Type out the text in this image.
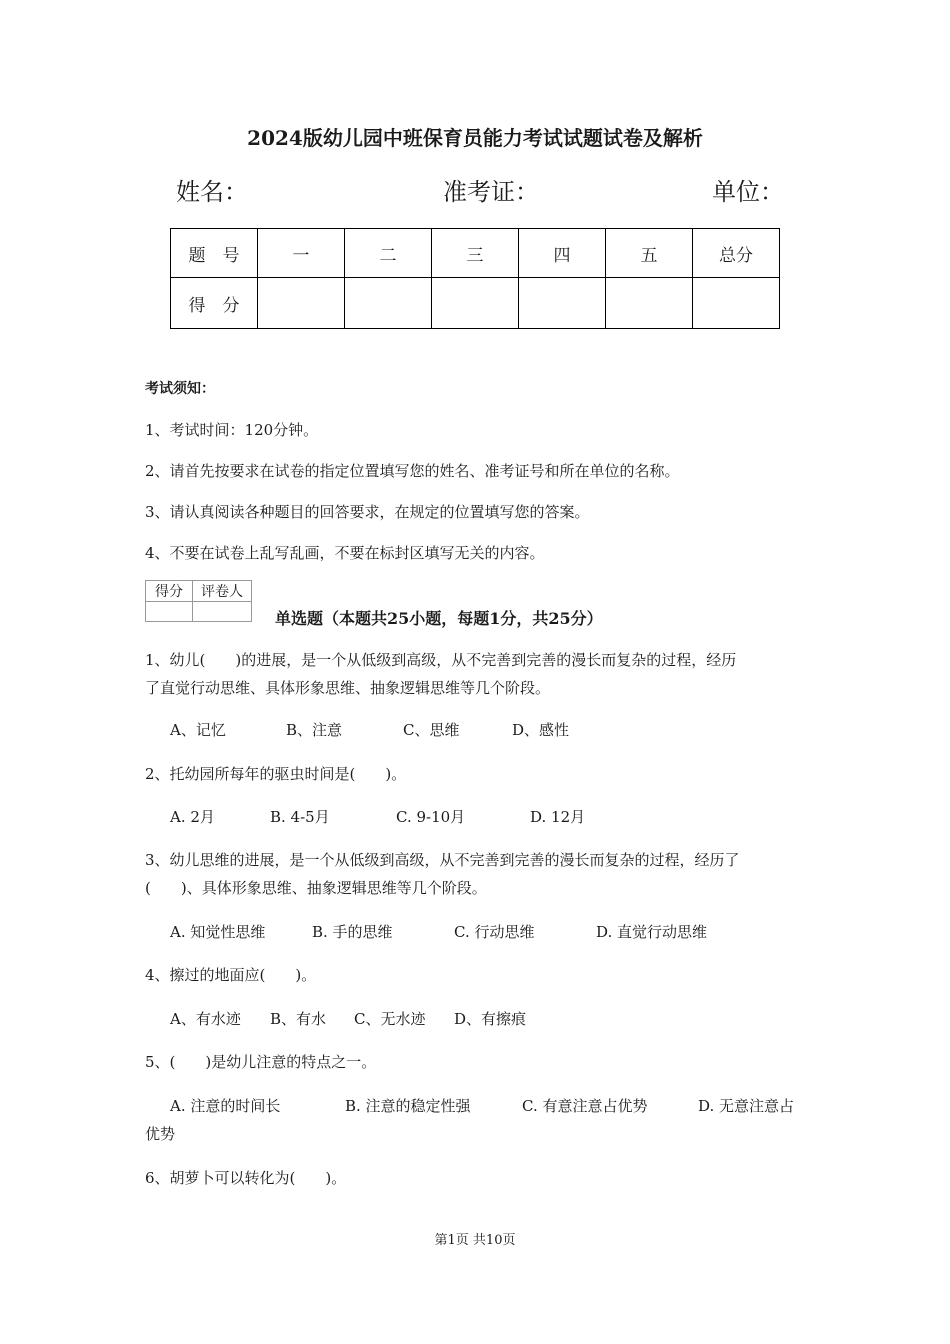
2024版幼儿园中班保育员能力考试试题试卷及解析
姓名：	准考证：	单位：
题　号	一	二	三	四	五	总分
得　分						
考试须知：
1、考试时间：120分钟。
2、请首先按要求在试卷的指定位置填写您的姓名、准考证号和所在单位的名称。
3、请认真阅读各种题目的回答要求，在规定的位置填写您的答案。
4、不要在试卷上乱写乱画，不要在标封区填写无关的内容。
得分	评卷人

单选题（本题共25小题，每题1分，共25分）
1、幼儿(　　)的进展，是一个从低级到高级，从不完善到完善的漫长而复杂的过程，经历
了直觉行动思维、具体形象思维、抽象逻辑思维等几个阶段。
A、记忆	B、注意	C、思维	D、感性
2、托幼园所每年的驱虫时间是(　　)。
A. 2月	B. 4-5月	C. 9-10月	D. 12月
3、幼儿思维的进展，是一个从低级到高级，从不完善到完善的漫长而复杂的过程，经历了
(　　)、具体形象思维、抽象逻辑思维等几个阶段。
A. 知觉性思维	B. 手的思维	C. 行动思维	D. 直觉行动思维
4、擦过的地面应(　　)。
A、有水迹 B、有水 C、无水迹 D、有擦痕
5、(　　)是幼儿注意的特点之一。
A. 注意的时间长	B. 注意的稳定性强	C. 有意注意占优势	D. 无意注意占
优势
6、胡萝卜可以转化为(　　)。
第1页 共10页
